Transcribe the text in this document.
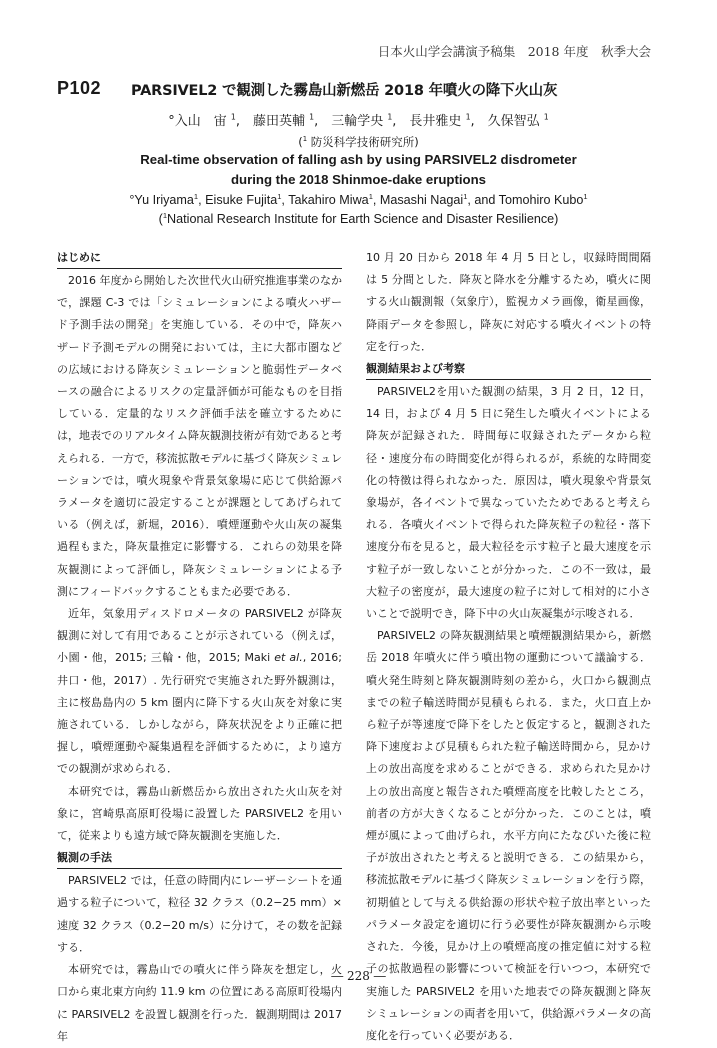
日本火山学会講演予稿集　2018 年度　秋季大会
P102 PARSIVEL2 で観測した霧島山新燃岳 2018 年噴火の降下火山灰
°入山　宙 $^1$,　藤田英輔 $^1$,　三輪学央 $^1$,　長井雅史 $^1$,　久保智弘 $^1$
($^1$ 防災科学技術研究所)
Real-time observation of falling ash by using PARSIVEL2 disdrometer
during the 2018 Shinmoe-dake eruptions
°Yu Iriyama$^1$, Eisuke Fujita$^1$, Takahiro Miwa$^1$, Masashi Nagai$^1$, and Tomohiro Kubo$^1$
($^1$National Research Institute for Earth Science and Disaster Resilience)
はじめに

2016 年度から開始した次世代火山研究推進事業のなかで，課題 C-3 では「シミュレーションによる噴火ハザード予測手法の開発」を実施している．その中で，降灰ハザード予測モデルの開発においては，主に大都市圏などの広域における降灰シミュレーションと脆弱性データベースの融合によるリスクの定量評価が可能なものを目指している．定量的なリスク評価手法を確立するためには，地表でのリアルタイム降灰観測技術が有効であると考えられる．一方で，移流拡散モデルに基づく降灰シミュレーションでは，噴火現象や背景気象場に応じて供給源パラメータを適切に設定することが課題としてあげられている（例えば，新堀，2016）．噴煙運動や火山灰の凝集過程もまた，降灰量推定に影響する．これらの効果を降灰観測によって評価し，降灰シミュレーションによる予測にフィードバックすることもまた必要である．

近年，気象用ディスドロメータの PARSIVEL2 が降灰観測に対して有用であることが示されている（例えば，小園・他，2015; 三輪・他，2015; Maki et al., 2016; 井口・他，2017）. 先行研究で実施された野外観測は，主に桜島島内の 5 km 圏内に降下する火山灰を対象に実施されている．しかしながら，降灰状況をより正確に把握し，噴煙運動や凝集過程を評価するために，より遠方での観測が求められる．

本研究では，霧島山新燃岳から放出された火山灰を対象に，宮崎県高原町役場に設置した PARSIVEL2 を用いて，従来よりも遠方域で降灰観測を実施した．

観測の手法

PARSIVEL2 では，任意の時間内にレーザーシートを通過する粒子について，粒径 32 クラス（0.2−25 mm）× 速度 32 クラス（0.2−20 m/s）に分けて，その数を記録する．

本研究では，霧島山での噴火に伴う降灰を想定し，火口から東北東方向約 11.9 km の位置にある高原町役場内に PARSIVEL2 を設置し観測を行った．観測期間は 2017 年

10 月 20 日から 2018 年 4 月 5 日とし，収録時間間隔は 5 分間とした．降灰と降水を分離するため，噴火に関する火山観測報（気象庁），監視カメラ画像，衛星画像，降雨データを参照し，降灰に対応する噴火イベントの特定を行った．

観測結果および考察

PARSIVEL2を用いた観測の結果，3 月 2 日，12 日，14 日，および 4 月 5 日に発生した噴火イベントによる降灰が記録された．時間毎に収録されたデータから粒径・速度分布の時間変化が得られるが，系統的な時間変化の特徴は得られなかった．原因は，噴火現象や背景気象場が，各イベントで異なっていたためであると考えられる．各噴火イベントで得られた降灰粒子の粒径・落下速度分布を見ると，最大粒径を示す粒子と最大速度を示す粒子が一致しないことが分かった．この不一致は，最大粒子の密度が，最大速度の粒子に対して相対的に小さいことで説明でき，降下中の火山灰凝集が示唆される．

PARSIVEL2 の降灰観測結果と噴煙観測結果から，新燃岳 2018 年噴火に伴う噴出物の運動について議論する．噴火発生時刻と降灰観測時刻の差から，火口から観測点までの粒子輸送時間が見積もられる．また，火口直上から粒子が等速度で降下をしたと仮定すると，観測された降下速度および見積もられた粒子輸送時間から，見かけ上の放出高度を求めることができる．求められた見かけ上の放出高度と報告された噴煙高度を比較したところ，前者の方が大きくなることが分かった．このことは，噴煙が風によって曲げられ，水平方向にたなびいた後に粒子が放出されたと考えると説明できる．この結果から，移流拡散モデルに基づく降灰シミュレーションを行う際，初期値として与える供給源の形状や粒子放出率といったパラメータ設定を適切に行う必要性が降灰観測から示唆された．今後，見かけ上の噴煙高度の推定値に対する粒子の拡散過程の影響について検証を行いつつ，本研究で実施した PARSIVEL2 を用いた地表での降灰観測と降灰シミュレーションの両者を用いて，供給源パラメータの高度化を行っていく必要がある．

― 228 ―
